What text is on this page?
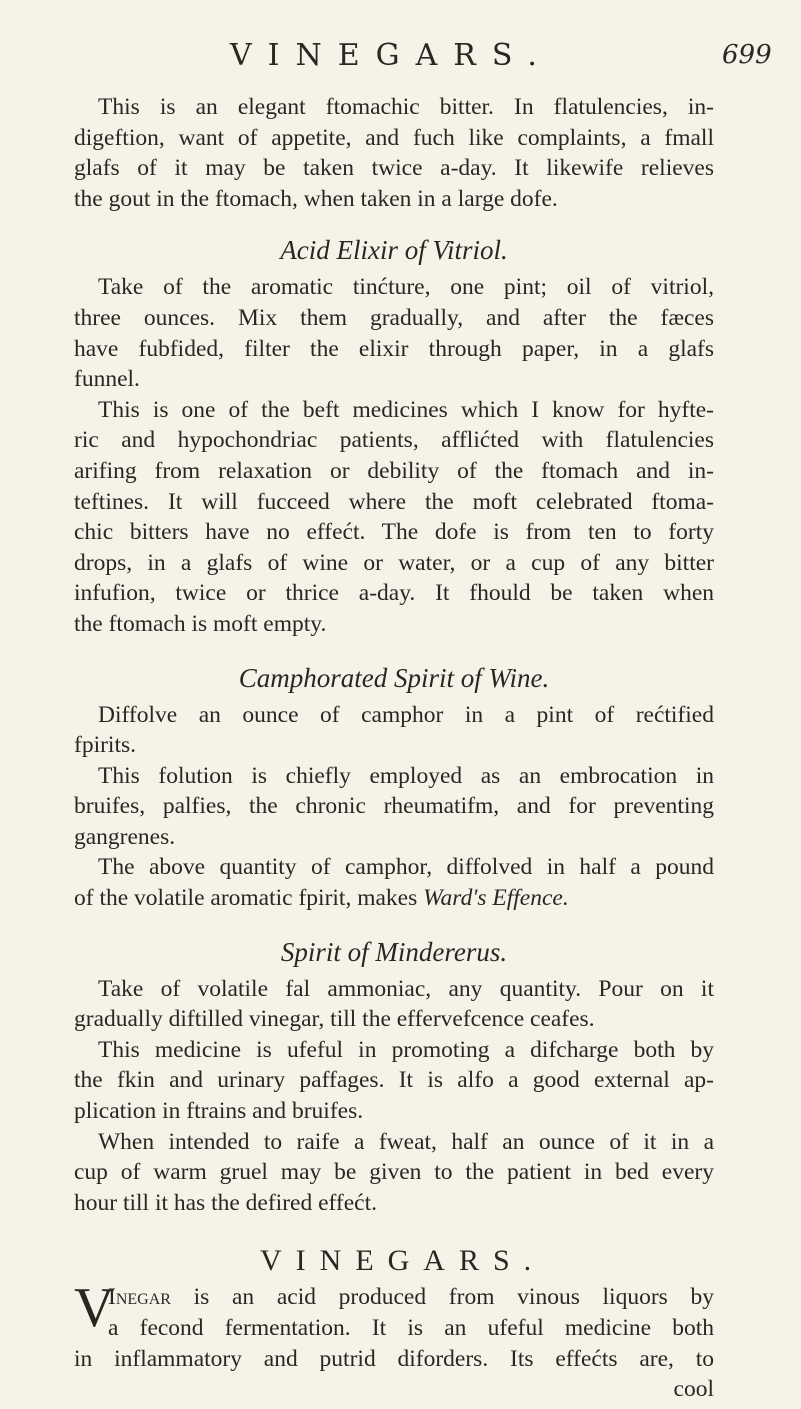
VINEGARS.	699
This is an elegant ftomachic bitter. In flatulencies, in-
digeftion, want of appetite, and fuch like complaints, a fmall
glafs of it may be taken twice a-day. It likewife relieves
the gout in the ftomach, when taken in a large dofe.
Acid Elixir of Vitriol.
Take of the aromatic tinćture, one pint; oil of vitriol,
three ounces. Mix them gradually, and after the fæces
have fubfided, filter the elixir through paper, in a glafs
funnel.
This is one of the beft medicines which I know for hyfte-
ric and hypochondriac patients, afflićted with flatulencies
arifing from relaxation or debility of the ftomach and in-
teftines. It will fucceed where the moft celebrated ftoma-
chic bitters have no effećt. The dofe is from ten to forty
drops, in a glafs of wine or water, or a cup of any bitter
infufion, twice or thrice a-day. It fhould be taken when
the ftomach is moft empty.
Camphorated Spirit of Wine.
Diffolve an ounce of camphor in a pint of rećtified
fpirits.
This folution is chiefly employed as an embrocation in
bruifes, palfies, the chronic rheumatifm, and for preventing
gangrenes.
The above quantity of camphor, diffolved in half a pound
of the volatile aromatic fpirit, makes Ward's Effence.
Spirit of Mindererus.
Take of volatile fal ammoniac, any quantity. Pour on it
gradually diftilled vinegar, till the effervefcence ceafes.
This medicine is ufeful in promoting a difcharge both by
the fkin and urinary paffages. It is alfo a good external ap-
plication in ftrains and bruifes.
When intended to raife a fweat, half an ounce of it in a
cup of warm gruel may be given to the patient in bed every
hour till it has the defired effećt.
VINEGARS.
V
Inegar is an acid produced from vinous liquors by
a fecond fermentation. It is an ufeful medicine both
in inflammatory and putrid diforders. Its effećts are, to
cool
